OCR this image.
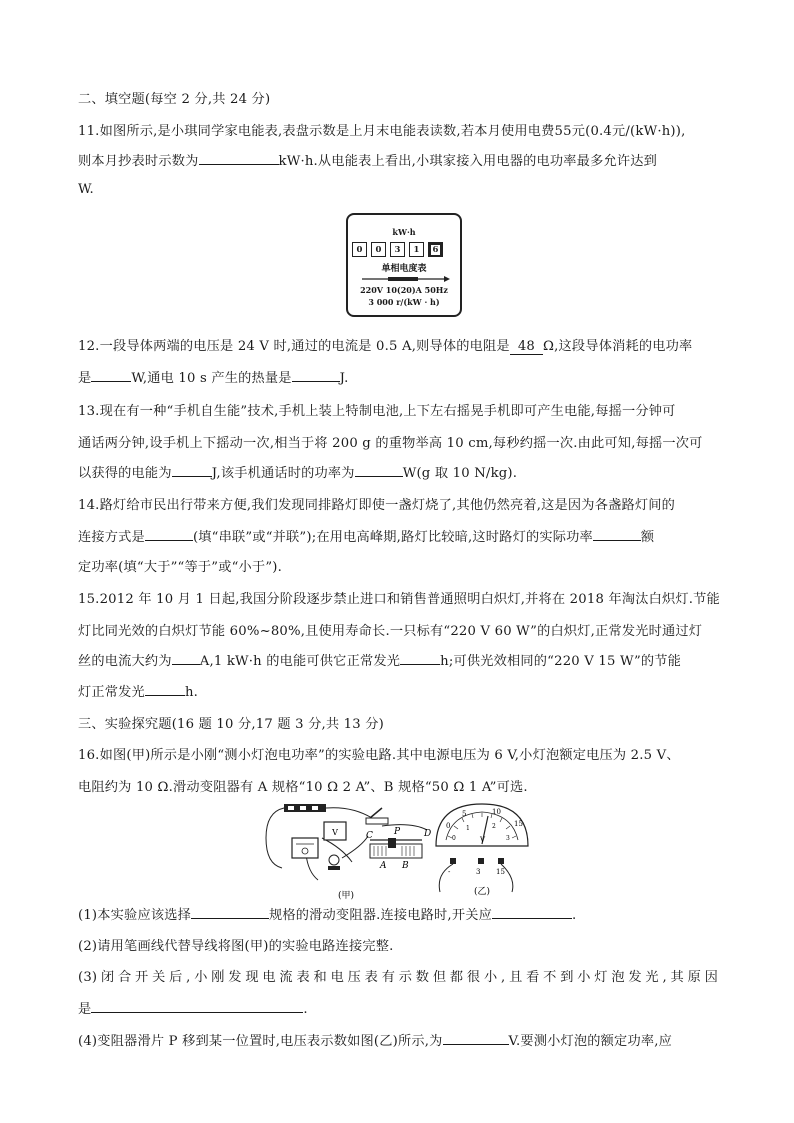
二、填空题(每空 2 分,共 24 分)
11.如图所示,是小琪同学家电能表,表盘示数是上月末电能表读数,若本月使用电费55元(0.4元/(kW·h)),
则本月抄表时示数为	kW·h.从电能表上看出,小琪家接入用电器的电功率最多允许达到
W.
kW·h
0	0	3	1	6
单相电度表
220V 10(20)A 50Hz
3 000 r/(kW · h)
12.一段导体两端的电压是 24 V 时,通过的电流是 0.5 A,则导体的电阻是 48 Ω,这段导体消耗的电功率
是	W,通电 10 s 产生的热量是	J.
13.现在有一种“手机自生能”技术,手机上装上特制电池,上下左右摇晃手机即可产生电能,每摇一分钟可
通话两分钟,设手机上下摇动一次,相当于将 200 g 的重物举高 10 cm,每秒约摇一次.由此可知,每摇一次可
以获得的电能为	J,该手机通话时的功率为	W(g 取 10 N/kg).
14.路灯给市民出行带来方便,我们发现同排路灯即使一盏灯烧了,其他仍然亮着,这是因为各盏路灯间的
连接方式是	(填“串联”或“并联”);在用电高峰期,路灯比较暗,这时路灯的实际功率	额
定功率(填“大于”“等于”或“小于”).
15.2012 年 10 月 1 日起,我国分阶段逐步禁止进口和销售普通照明白炽灯,并将在 2018 年淘汰白炽灯.节能
灯比同光效的白炽灯节能 60%~80%,且使用寿命长.一只标有“220 V 60 W”的白炽灯,正常发光时通过灯
丝的电流大约为 A,1 kW·h 的电能可供它正常发光	h;可供光效相同的“220 V 15 W”的节能
灯正常发光	h.
三、实验探究题(16 题 10 分,17 题 3 分,共 13 分)
16.如图(甲)所示是小刚“测小灯泡电功率”的实验电路.其中电源电压为 6 V,小灯泡额定电压为 2.5 V、
电阻约为 10 Ω.滑动变阻器有 A 规格“10 Ω 2 A”、B 规格“50 Ω 1 A”可选.
V	C P	D
A B
(甲)
0
5	10
15
0
1	2
3
V
-	3 15
(乙)
(1)本实验应该选择	规格的滑动变阻器.连接电路时,开关应	.
(2)请用笔画线代替导线将图(甲)的实验电路连接完整.
(3)闭合开关后,小刚发现电流表和电压表有示数但都很小,且看不到小灯泡发光,其原因
是	.
(4)变阻器滑片 P 移到某一位置时,电压表示数如图(乙)所示,为	V.要测小灯泡的额定功率,应
